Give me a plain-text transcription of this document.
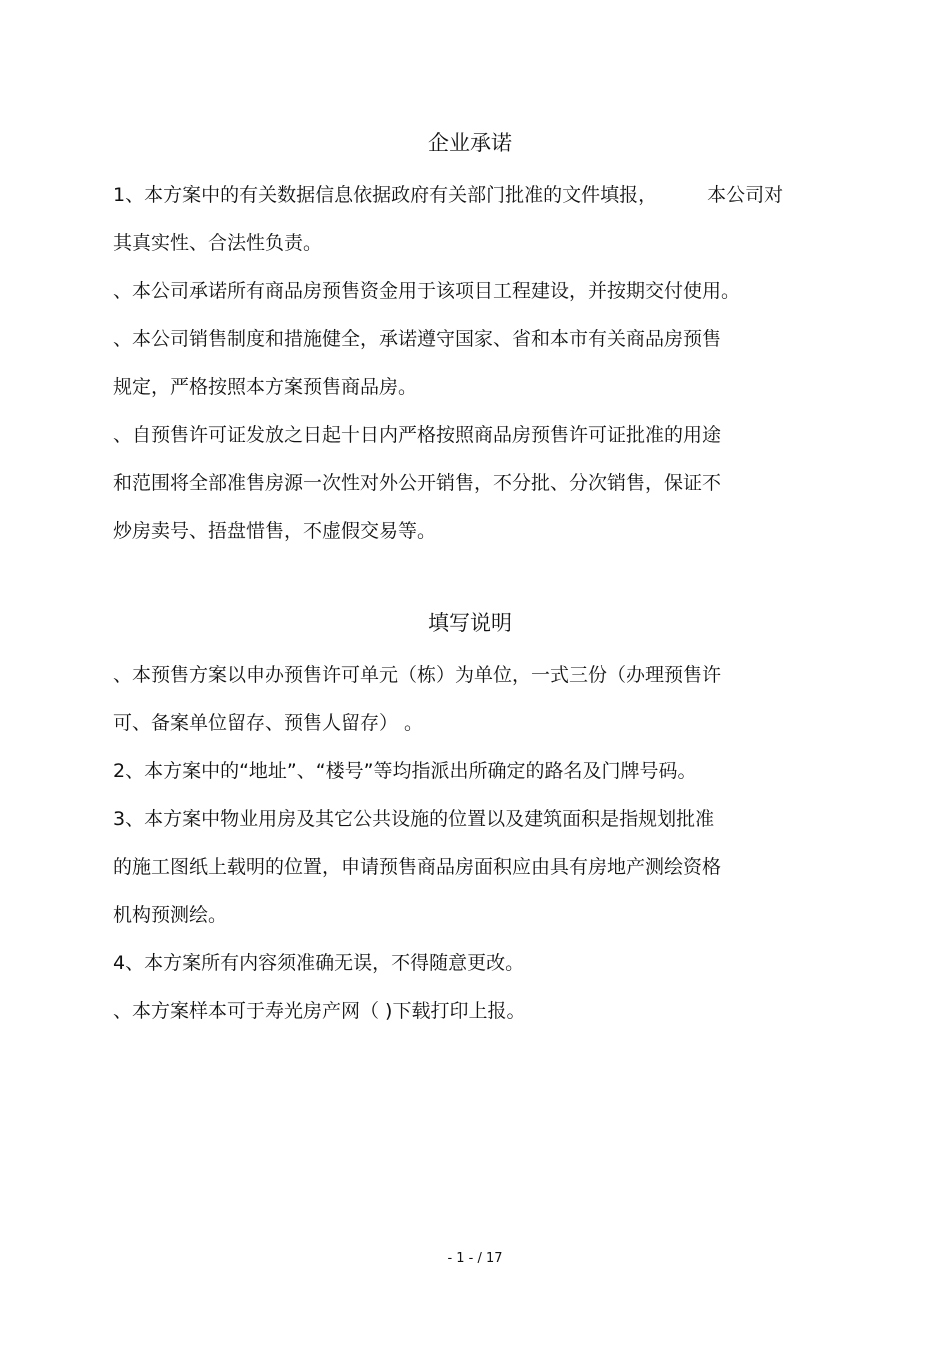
企业承诺
1、本方案中的有关数据信息依据政府有关部门批准的文件填报，	本公司对
其真实性、合法性负责。
、本公司承诺所有商品房预售资金用于该项目工程建设，并按期交付使用。
、本公司销售制度和措施健全，承诺遵守国家、省和本市有关商品房预售
规定，严格按照本方案预售商品房。
、自预售许可证发放之日起十日内严格按照商品房预售许可证批准的用途
和范围将全部准售房源一次性对外公开销售，不分批、分次销售，保证不
炒房卖号、捂盘惜售，不虚假交易等。
填写说明
、本预售方案以申办预售许可单元（栋）为单位，一式三份（办理预售许
可、备案单位留存、预售人留存） 。
2、本方案中的“地址”、“楼号”等均指派出所确定的路名及门牌号码。
3、本方案中物业用房及其它公共设施的位置以及建筑面积是指规划批准
的施工图纸上载明的位置，申请预售商品房面积应由具有房地产测绘资格
机构预测绘。
4、本方案所有内容须准确无误，不得随意更改。
、本方案样本可于寿光房产网（ )下载打印上报。
- 1 - / 17
